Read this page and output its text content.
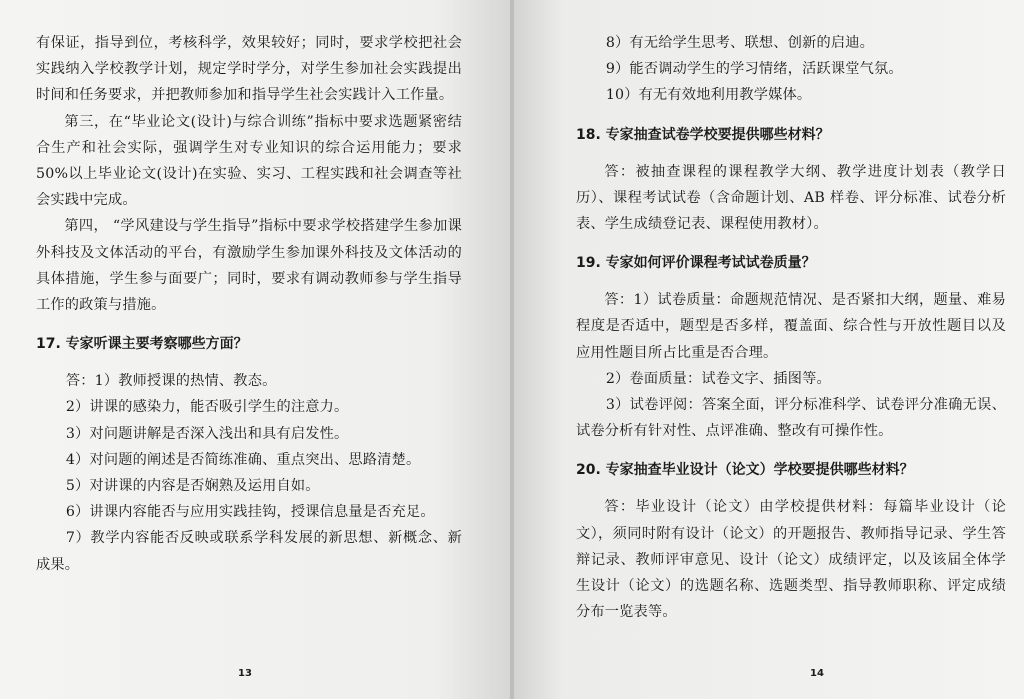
有保证，指导到位，考核科学，效果较好；同时，要求学校把社会实践纳入学校教学计划，规定学时学分，对学生参加社会实践提出时间和任务要求，并把教师参加和指导学生社会实践计入工作量。

第三，在“毕业论文(设计)与综合训练”指标中要求选题紧密结合生产和社会实际，强调学生对专业知识的综合运用能力；要求 50%以上毕业论文(设计)在实验、实习、工程实践和社会调查等社会实践中完成。

第四， “学风建设与学生指导”指标中要求学校搭建学生参加课外科技及文体活动的平台，有激励学生参加课外科技及文体活动的具体措施，学生参与面要广；同时，要求有调动教师参与学生指导工作的政策与措施。

17. 专家听课主要考察哪些方面？

答：1）教师授课的热情、教态。

2）讲课的感染力，能否吸引学生的注意力。

3）对问题讲解是否深入浅出和具有启发性。

4）对问题的阐述是否简练准确、重点突出、思路清楚。

5）对讲课的内容是否娴熟及运用自如。

6）讲课内容能否与应用实践挂钩，授课信息量是否充足。

7）教学内容能否反映或联系学科发展的新思想、新概念、新成果。

13

8）有无给学生思考、联想、创新的启迪。

9）能否调动学生的学习情绪，活跃课堂气氛。

10）有无有效地利用教学媒体。

18. 专家抽查试卷学校要提供哪些材料？

答：被抽查课程的课程教学大纲、教学进度计划表（教学日历）、课程考试试卷（含命题计划、AB 样卷、评分标准、试卷分析表、学生成绩登记表、课程使用教材）。

19. 专家如何评价课程考试试卷质量？

答：1）试卷质量：命题规范情况、是否紧扣大纲，题量、难易程度是否适中，题型是否多样，覆盖面、综合性与开放性题目以及应用性题目所占比重是否合理。

2）卷面质量：试卷文字、插图等。

3）试卷评阅：答案全面，评分标准科学、试卷评分准确无误、试卷分析有针对性、点评准确、整改有可操作性。

20. 专家抽查毕业设计（论文）学校要提供哪些材料？

答：毕业设计（论文）由学校提供材料：每篇毕业设计（论文），须同时附有设计（论文）的开题报告、教师指导记录、学生答辩记录、教师评审意见、设计（论文）成绩评定，以及该届全体学生设计（论文）的选题名称、选题类型、指导教师职称、评定成绩分布一览表等。

14
